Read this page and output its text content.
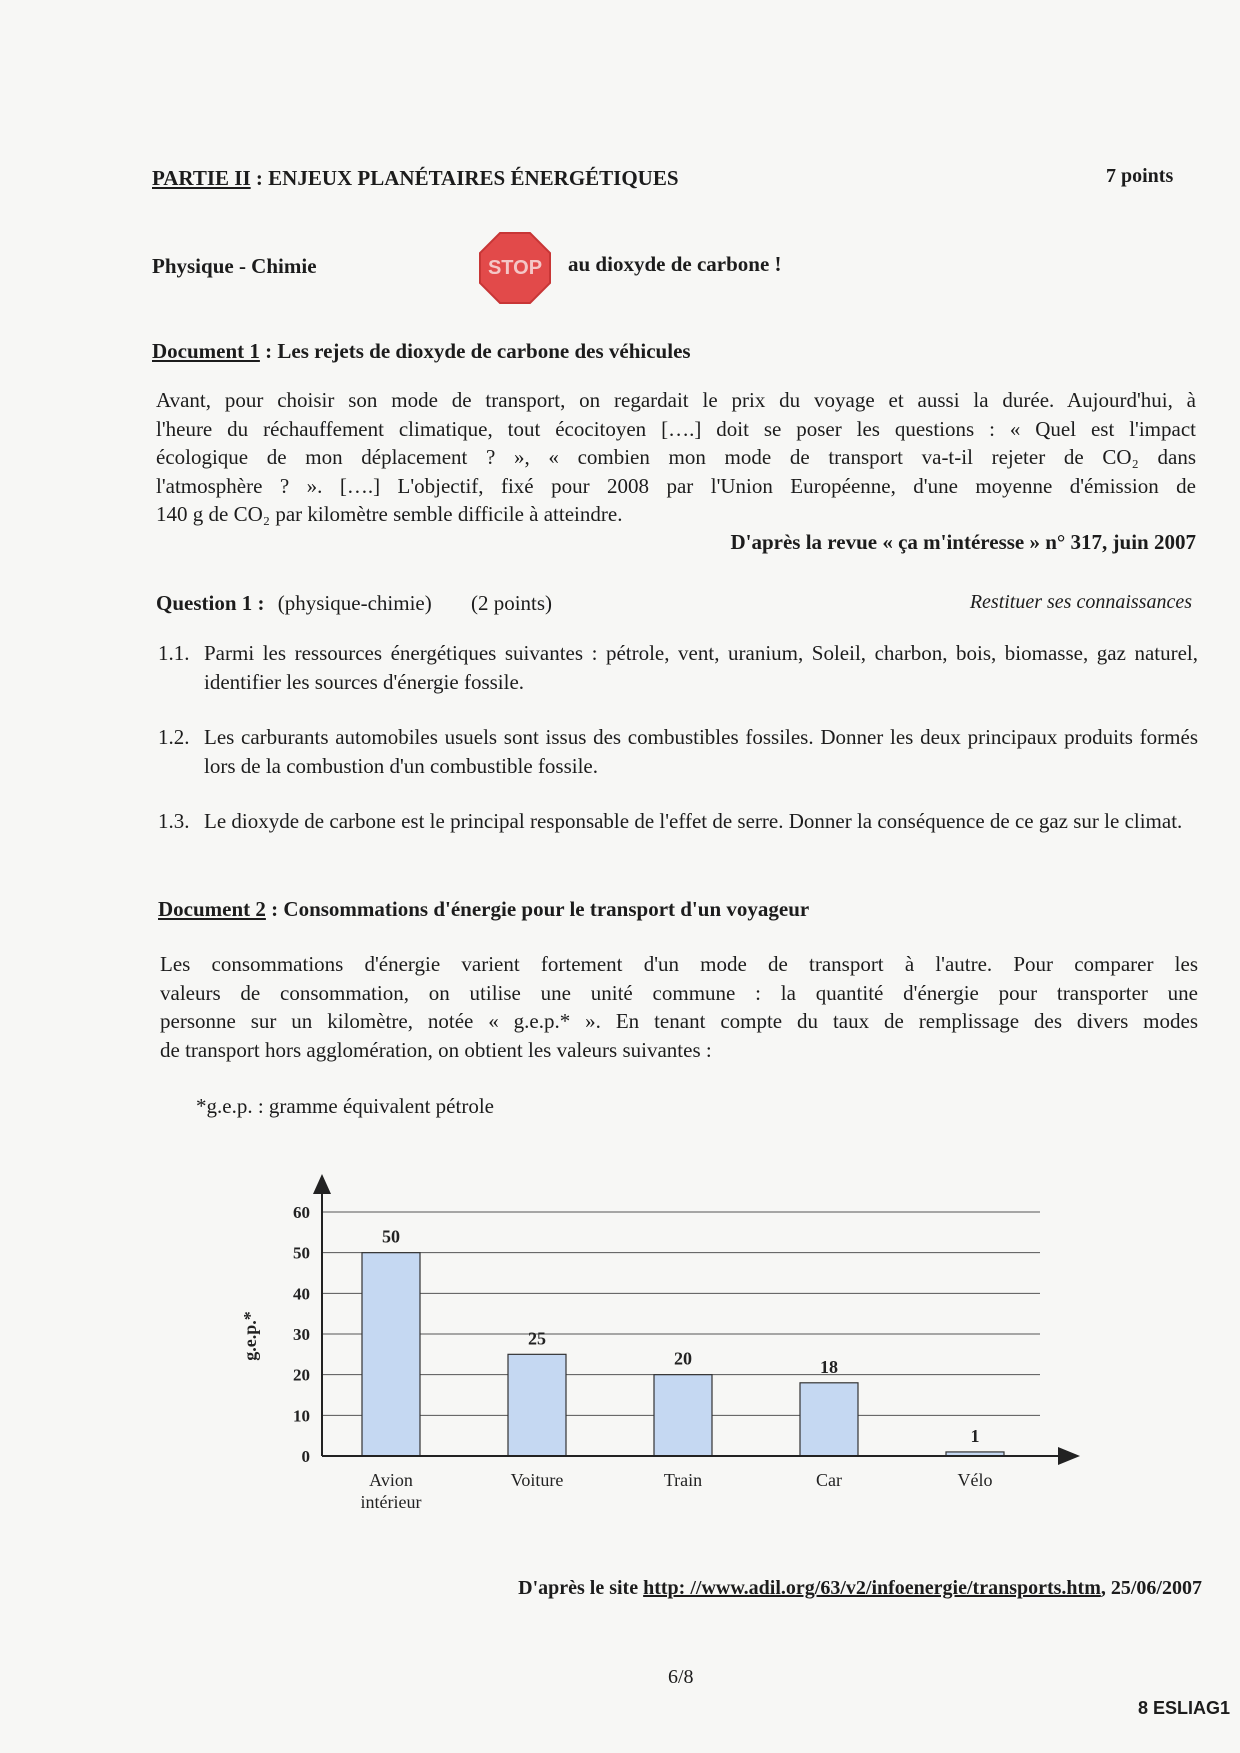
PARTIE II : ENJEUX PLANÉTAIRES ÉNERGÉTIQUES	7 points
Physique - Chimie	STOP au dioxyde de carbone !
Document 1 : Les rejets de dioxyde de carbone des véhicules
Avant, pour choisir son mode de transport, on regardait le prix du voyage et aussi la durée. Aujourd'hui, à
l'heure du réchauffement climatique, tout écocitoyen [….] doit se poser les questions : « Quel est l'impact
écologique de mon déplacement ? », « combien mon mode de transport va-t-il rejeter de CO₂ dans
l'atmosphère ? ». [….] L'objectif, fixé pour 2008 par l'Union Européenne, d'une moyenne d'émission de
140 g de CO₂ par kilomètre semble difficile à atteindre.
D'après la revue « ça m'intéresse » n° 317, juin 2007
Question 1 : (physique-chimie) (2 points)	Restituer ses connaissances
1.1. Parmi les ressources énergétiques suivantes : pétrole, vent, uranium, Soleil, charbon, bois, biomasse, gaz naturel, identifier les sources d'énergie fossile.
1.2. Les carburants automobiles usuels sont issus des combustibles fossiles. Donner les deux principaux produits formés lors de la combustion d'un combustible fossile.
1.3. Le dioxyde de carbone est le principal responsable de l'effet de serre. Donner la conséquence de ce gaz sur le climat.
Document 2 : Consommations d'énergie pour le transport d'un voyageur
Les consommations d'énergie varient fortement d'un mode de transport à l'autre. Pour comparer les
valeurs de consommation, on utilise une unité commune : la quantité d'énergie pour transporter une
personne sur un kilomètre, notée « g.e.p.* ». En tenant compte du taux de remplissage des divers modes
de transport hors agglomération, on obtient les valeurs suivantes :
*g.e.p. : gramme équivalent pétrole
0
10
20
30
40
50
60
50
25
20	18
1
Avion
intérieur
Voiture	Train	Car	Vélo
g.e.p.*
D'après le site http: //www.adil.org/63/v2/infoenergie/transports.htm, 25/06/2007
6/8
8 ESLIAG1
